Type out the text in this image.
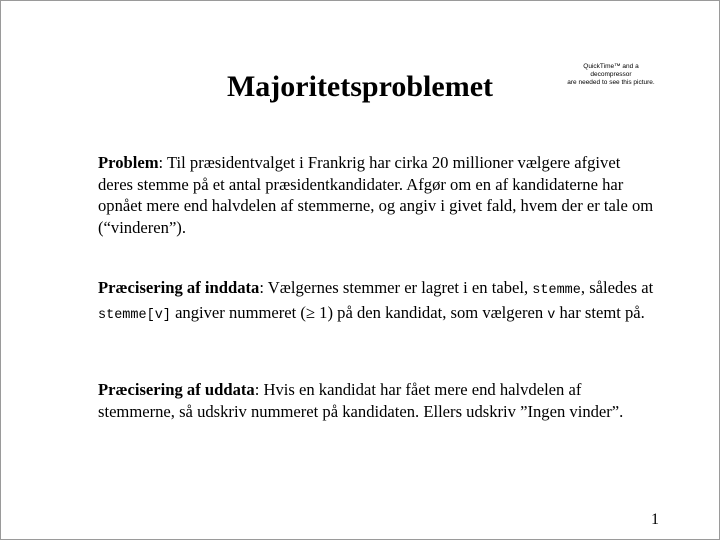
Majoritetsproblemet
QuickTime™ and a
decompressor
are needed to see this picture.

Problem: Til præsidentvalget i Frankrig har cirka 20 millioner vælgere afgivet deres stemme på et antal præsidentkandidater. Afgør om en af kandidaterne har opnået mere end halvdelen af stemmerne, og angiv i givet fald, hvem der er tale om (“vinderen”).

Præcisering af inddata: Vælgernes stemmer er lagret i en tabel, stemme, således at stemme[v] angiver nummeret (≥ 1) på den kandidat, som vælgeren v har stemt på.

Præcisering af uddata: Hvis en kandidat har fået mere end halvdelen af stemmerne, så udskriv nummeret på kandidaten. Ellers udskriv ”Ingen vinder”.

1
